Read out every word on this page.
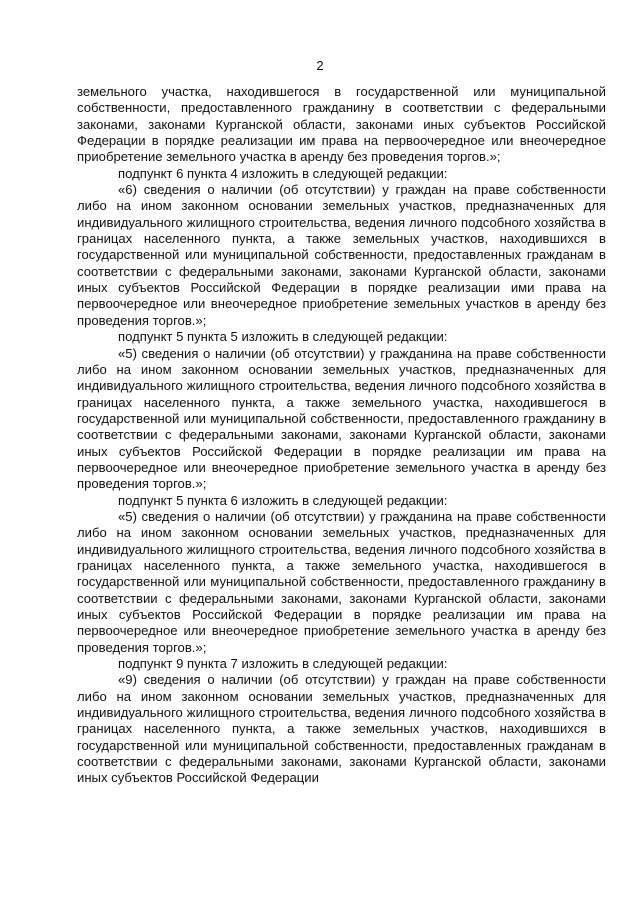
2

земельного участка, находившегося в государственной или муниципальной собственности, предоставленного гражданину в соответствии с федеральными законами, законами Курганской области, законами иных субъектов Российской Федерации в порядке реализации им права на первоочередное или внеочередное приобретение земельного участка в аренду без проведения торгов.»;

подпункт 6 пункта 4 изложить в следующей редакции:

«6) сведения о наличии (об отсутствии) у граждан на праве собственности либо на ином законном основании земельных участков, предназначенных для индивидуального жилищного строительства, ведения личного подсобного хозяйства в границах населенного пункта, а также земельных участков, находившихся в государственной или муниципальной собственности, предоставленных гражданам в соответствии с федеральными законами, законами Курганской области, законами иных субъектов Российской Федерации в порядке реализации ими права на первоочередное или внеочередное приобретение земельных участков в аренду без проведения торгов.»;

подпункт 5 пункта 5 изложить в следующей редакции:

«5) сведения о наличии (об отсутствии) у гражданина на праве собственности либо на ином законном основании земельных участков, предназначенных для индивидуального жилищного строительства, ведения личного подсобного хозяйства в границах населенного пункта, а также земельного участка, находившегося в государственной или муниципальной собственности, предоставленного гражданину в соответствии с федеральными законами, законами Курганской области, законами иных субъектов Российской Федерации в порядке реализации им права на первоочередное или внеочередное приобретение земельного участка в аренду без проведения торгов.»;

подпункт 5 пункта 6 изложить в следующей редакции:

«5) сведения о наличии (об отсутствии) у гражданина на праве собственности либо на ином законном основании земельных участков, предназначенных для индивидуального жилищного строительства, ведения личного подсобного хозяйства в границах населенного пункта, а также земельного участка, находившегося в государственной или муниципальной собственности, предоставленного гражданину в соответствии с федеральными законами, законами Курганской области, законами иных субъектов Российской Федерации в порядке реализации им права на первоочередное или внеочередное приобретение земельного участка в аренду без проведения торгов.»;

подпункт 9 пункта 7 изложить в следующей редакции:

«9) сведения о наличии (об отсутствии) у граждан на праве собственности либо на ином законном основании земельных участков, предназначенных для индивидуального жилищного строительства, ведения личного подсобного хозяйства в границах населенного пункта, а также земельных участков, находившихся в государственной или муниципальной собственности, предоставленных гражданам в соответствии с федеральными законами, законами Курганской области, законами иных субъектов Российской Федерации
